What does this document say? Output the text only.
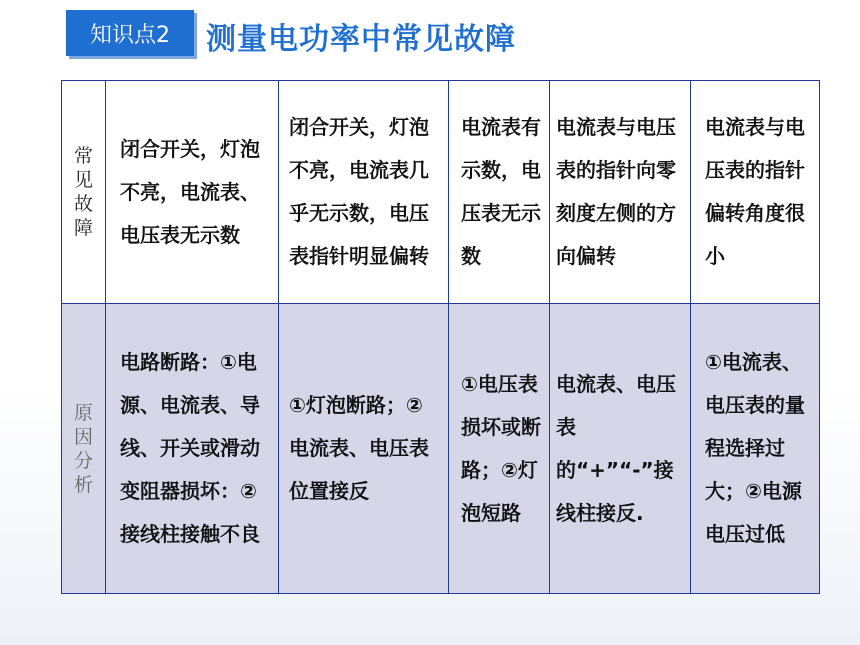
知识点2	测量电功率中常见故障
常见故障	闭合开关，灯泡不亮，电流表、电压表无示数	闭合开关，灯泡不亮，电流表几乎无示数，电压表指针明显偏转	电流表有示数，电压表无示数	电流表与电压表的指针向零刻度左侧的方向偏转	电流表与电压表的指针偏转角度很小

原因分析	电路断路：①电源、电流表、导线、开关或滑动变阻器损坏：②接线柱接触不良	①灯泡断路；②电流表、电压表位置接反	①电压表损坏或断路；②灯泡短路	电流表、电压表的“+”“-”接线柱接反.	①电流表、电压表的量程选择过大；②电源电压过低
